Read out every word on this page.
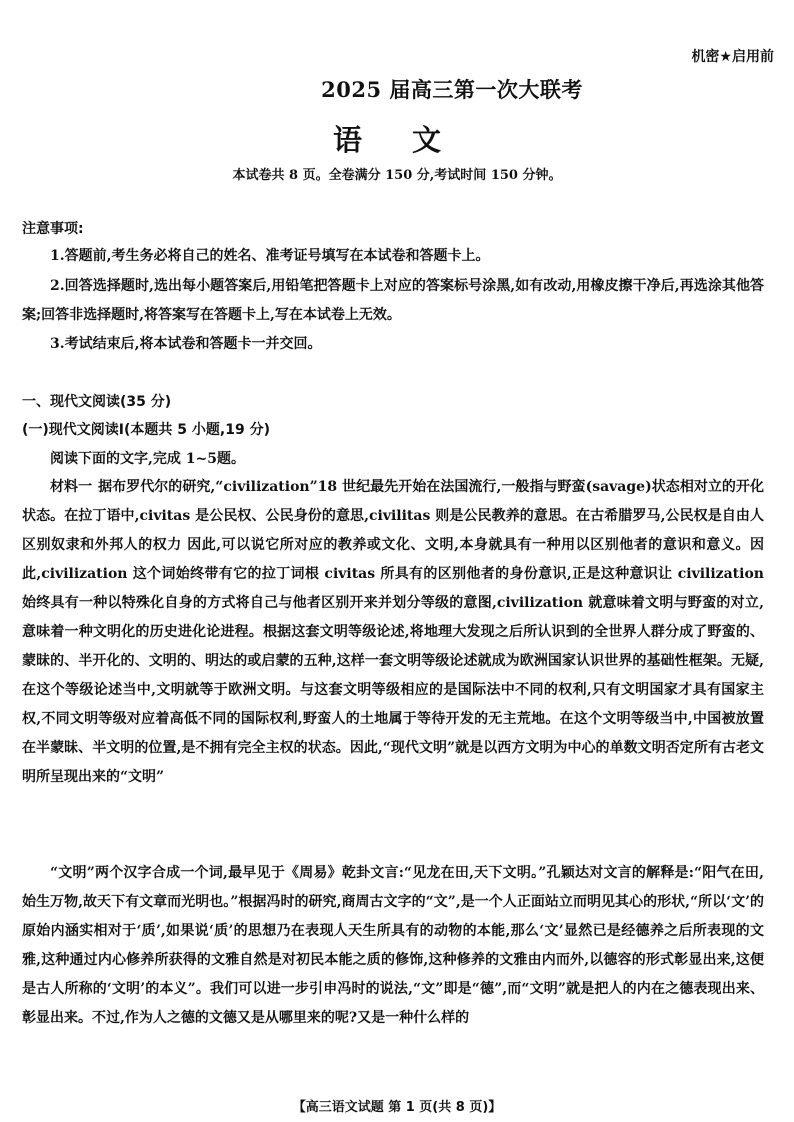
机密★启用前
2025 届高三第一次大联考
语 文
本试卷共 8 页。全卷满分 150 分,考试时间 150 分钟。
注意事项:

1.答题前,考生务必将自己的姓名、准考证号填写在本试卷和答题卡上。

2.回答选择题时,选出每小题答案后,用铅笔把答题卡上对应的答案标号涂黑,如有改动,用橡皮擦干净后,再选涂其他答案;回答非选择题时,将答案写在答题卡上,写在本试卷上无效。

3.考试结束后,将本试卷和答题卡一并交回。

一、现代文阅读(35 分)
(一)现代文阅读Ⅰ(本题共 5 小题,19 分)

阅读下面的文字,完成 1~5题。

材料一 据布罗代尔的研究,“civilization”18 世纪最先开始在法国流行,一般指与野蛮(savage)状态相对立的开化状态。在拉丁语中,civitas 是公民权、公民身份的意思,civilitas 则是公民教养的意思。在古希腊罗马,公民权是自由人区别奴隶和外邦人的权力 因此,可以说它所对应的教养或文化、文明,本身就具有一种用以区别他者的意识和意义。因此,civilization 这个词始终带有它的拉丁词根 civitas 所具有的区别他者的身份意识,正是这种意识让 civilization 始终具有一种以特殊化自身的方式将自己与他者区别开来并划分等级的意图,civilization 就意味着文明与野蛮的对立,意味着一种文明化的历史进化论进程。根据这套文明等级论述,将地理大发现之后所认识到的全世界人群分成了野蛮的、蒙昧的、半开化的、文明的、明达的或启蒙的五种,这样一套文明等级论述就成为欧洲国家认识世界的基础性框架。无疑,在这个等级论述当中,文明就等于欧洲文明。与这套文明等级相应的是国际法中不同的权利,只有文明国家才具有国家主权,不同文明等级对应着高低不同的国际权利,野蛮人的土地属于等待开发的无主荒地。在这个文明等级当中,中国被放置在半蒙昧、半文明的位置,是不拥有完全主权的状态。因此,“现代文明”就是以西方文明为中心的单数文明否定所有古老文明所呈现出来的“文明”

“文明”两个汉字合成一个词,最早见于《周易》乾卦文言:“见龙在田,天下文明。”孔颖达对文言的解释是:“阳气在田,始生万物,故天下有文章而光明也。”根据冯时的研究,商周古文字的“文”,是一个人正面站立而明见其心的形状,“所以‘文’的原始内涵实相对于‘质’,如果说‘质’的思想乃在表现人天生所具有的动物的本能,那么‘文’显然已是经德养之后所表现的文雅,这种通过内心修养所获得的文雅自然是对初民本能之质的修饰,这种修养的文雅由内而外,以德容的形式彰显出来,这便是古人所称的‘文明’的本义”。我们可以进一步引申冯时的说法,“文”即是“德”,而“文明”就是把人的内在之德表现出来、彰显出来。不过,作为人之德的文德又是从哪里来的呢?又是一种什么样的

【高三语文试题 第 1 页(共 8 页)】
